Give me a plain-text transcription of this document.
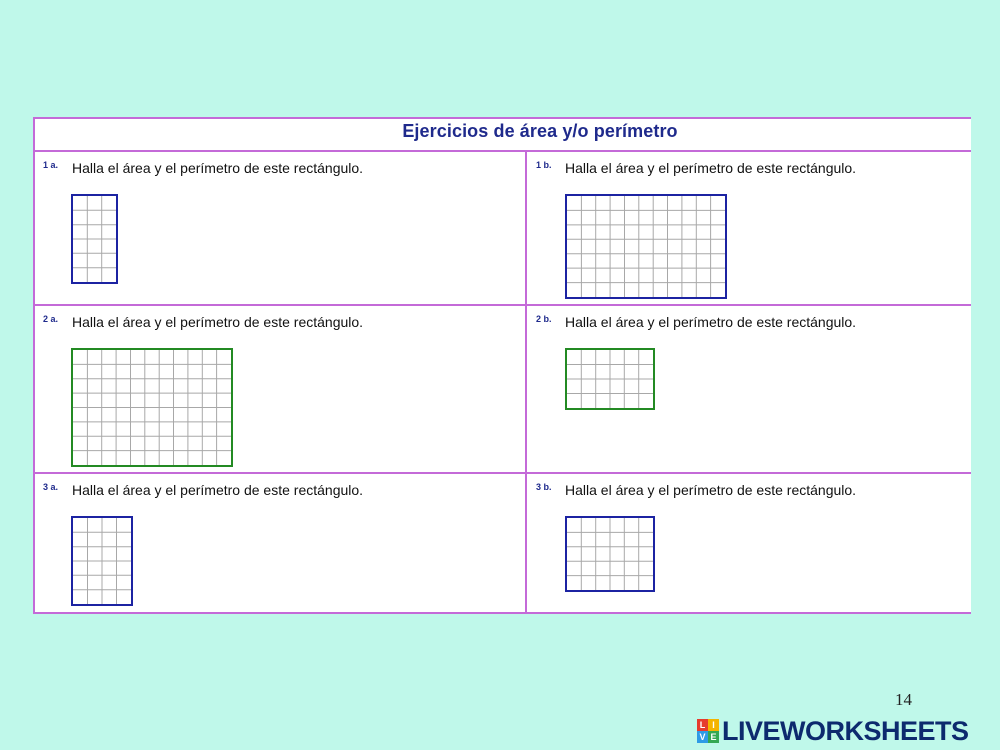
Ejercicios de área y/o perímetro
1 a. Halla el área y el perímetro de este rectángulo.	1 b. Halla el área y el perímetro de este rectángulo.
2 a. Halla el área y el perímetro de este rectángulo.	2 b. Halla el área y el perímetro de este rectángulo.
3 a. Halla el área y el perímetro de este rectángulo.	3 b. Halla el área y el perímetro de este rectángulo.
14
L I
V E LIVEWORKSHEETS
